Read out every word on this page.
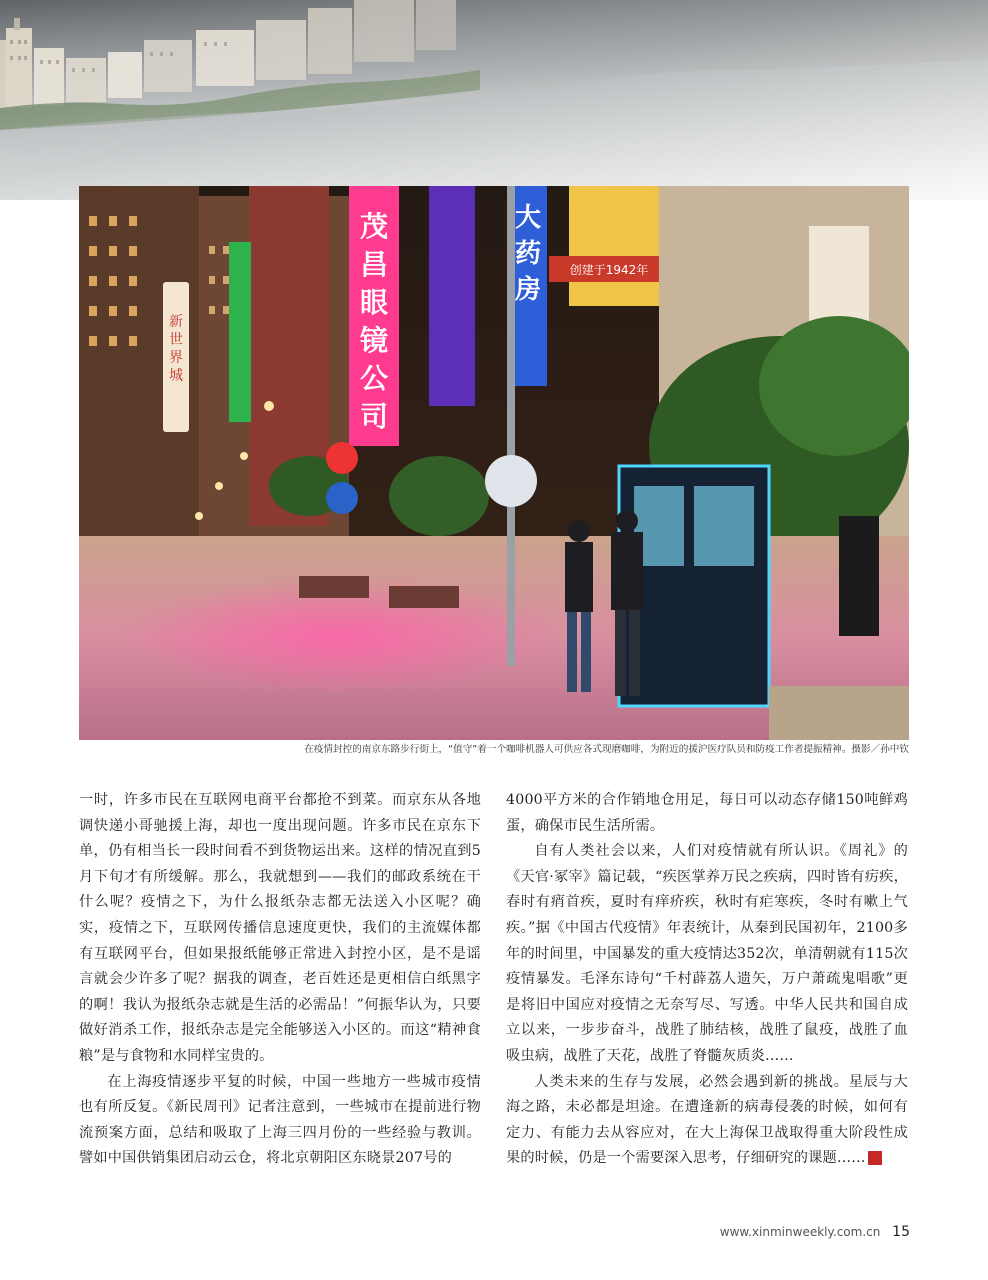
新世界城
茂昌眼镜公司
大药房
创建于1942年
在疫情封控的南京东路步行街上，“值守”着一个咖啡机器人可供应各式现磨咖啡，为附近的援沪医疗队员和防疫工作者提振精神。摄影／孙中钦

一时，许多市民在互联网电商平台都抢不到菜。而京东从各地调快递小哥驰援上海，却也一度出现问题。许多市民在京东下单，仍有相当长一段时间看不到货物运出来。这样的情况直到5月下旬才有所缓解。那么，我就想到——我们的邮政系统在干什么呢？疫情之下，为什么报纸杂志都无法送入小区呢？确实，疫情之下，互联网传播信息速度更快，我们的主流媒体都有互联网平台，但如果报纸能够正常进入封控小区，是不是谣言就会少许多了呢？据我的调查，老百姓还是更相信白纸黑字的啊！我认为报纸杂志就是生活的必需品！”何振华认为，只要做好消杀工作，报纸杂志是完全能够送入小区的。而这“精神食粮”是与食物和水同样宝贵的。

在上海疫情逐步平复的时候，中国一些地方一些城市疫情也有所反复。《新民周刊》记者注意到，一些城市在提前进行物流预案方面，总结和吸取了上海三四月份的一些经验与教训。譬如中国供销集团启动云仓，将北京朝阳区东晓景207号的

4000平方米的合作销地仓用足，每日可以动态存储150吨鲜鸡蛋，确保市民生活所需。

自有人类社会以来，人们对疫情就有所认识。《周礼》的《天官·冢宰》篇记载，“疾医掌养万民之疾病，四时皆有疠疾，春时有痟首疾，夏时有痒疥疾，秋时有疟寒疾，冬时有嗽上气疾。”据《中国古代疫情》年表统计，从秦到民国初年，2100多年的时间里，中国暴发的重大疫情达352次，单清朝就有115次疫情暴发。毛泽东诗句“千村薜荔人遗矢，万户萧疏鬼唱歌”更是将旧中国应对疫情之无奈写尽、写透。中华人民共和国自成立以来，一步步奋斗，战胜了肺结核，战胜了鼠疫，战胜了血吸虫病，战胜了天花，战胜了脊髓灰质炎……

人类未来的生存与发展，必然会遇到新的挑战。星辰与大海之路，未必都是坦途。在遭逢新的病毒侵袭的时候，如何有定力、有能力去从容应对，在大上海保卫战取得重大阶段性成果的时候，仍是一个需要深入思考，仔细研究的课题……	民

www.xinminweekly.com.cn 15
